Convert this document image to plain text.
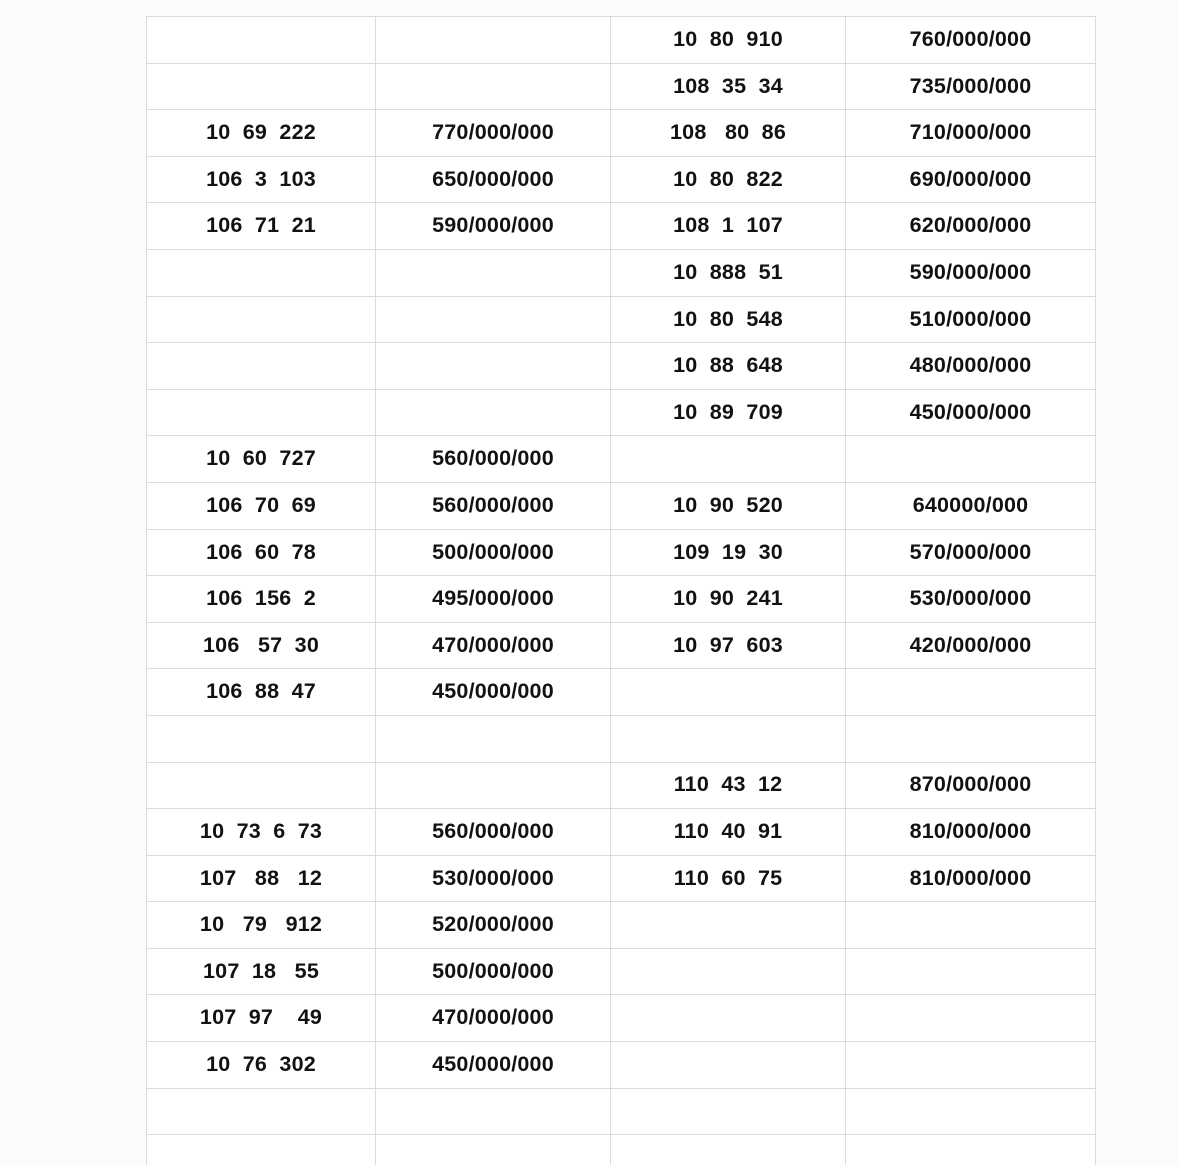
		10  80  910	760/000/000
		108  35  34	735/000/000
10  69  222	770/000/000	108   80  86	710/000/000
106  3  103	650/000/000	10  80  822	690/000/000
106  71  21	590/000/000	108  1  107	620/000/000
		10  888  51	590/000/000
		10  80  548	510/000/000
		10  88  648	480/000/000
		10  89  709	450/000/000
10  60  727	560/000/000		
106  70  69	560/000/000	10  90  520	640000/000
106  60  78	500/000/000	109  19  30	570/000/000
106  156  2	495/000/000	10  90  241	530/000/000
106   57  30	470/000/000	10  97  603	420/000/000
106  88  47	450/000/000		

		110  43  12	870/000/000
10  73  6  73	560/000/000	110  40  91	810/000/000
107   88   12	530/000/000	110  60  75	810/000/000
10   79   912	520/000/000		
107  18   55	500/000/000		
107  97    49	470/000/000		
10  76  302	450/000/000		
